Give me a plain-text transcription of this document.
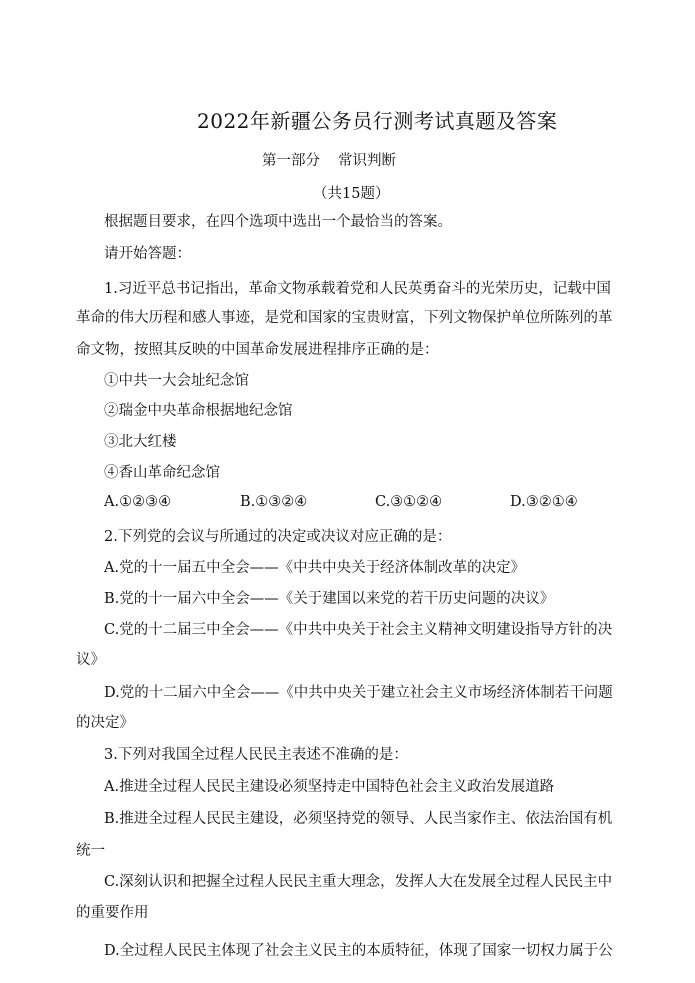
2022年新疆公务员行测考试真题及答案
第一部分 常识判断
（共15题）
根据题目要求，在四个选项中选出一个最恰当的答案。
请开始答题：
1.习近平总书记指出，革命文物承载着党和人民英勇奋斗的光荣历史，记载中国
革命的伟大历程和感人事迹，是党和国家的宝贵财富，下列文物保护单位所陈列的革
命文物，按照其反映的中国革命发展进程排序正确的是：
①中共一大会址纪念馆
②瑞金中央革命根据地纪念馆
③北大红楼
④香山革命纪念馆
A.①②③④	B.①③②④	C.③①②④	D.③②①④
2.下列党的会议与所通过的决定或决议对应正确的是：
A.党的十一届五中全会——《中共中央关于经济体制改革的决定》
B.党的十一届六中全会——《关于建国以来党的若干历史问题的决议》
C.党的十二届三中全会——《中共中央关于社会主义精神文明建设指导方针的决
议》
D.党的十二届六中全会——《中共中央关于建立社会主义市场经济体制若干问题
的决定》
3.下列对我国全过程人民民主表述不准确的是：
A.推进全过程人民民主建设必须坚持走中国特色社会主义政治发展道路
B.推进全过程人民民主建设，必须坚持党的领导、人民当家作主、依法治国有机
统一
C.深刻认识和把握全过程人民民主重大理念，发挥人大在发展全过程人民民主中
的重要作用
D.全过程人民民主体现了社会主义民主的本质特征，体现了国家一切权力属于公
